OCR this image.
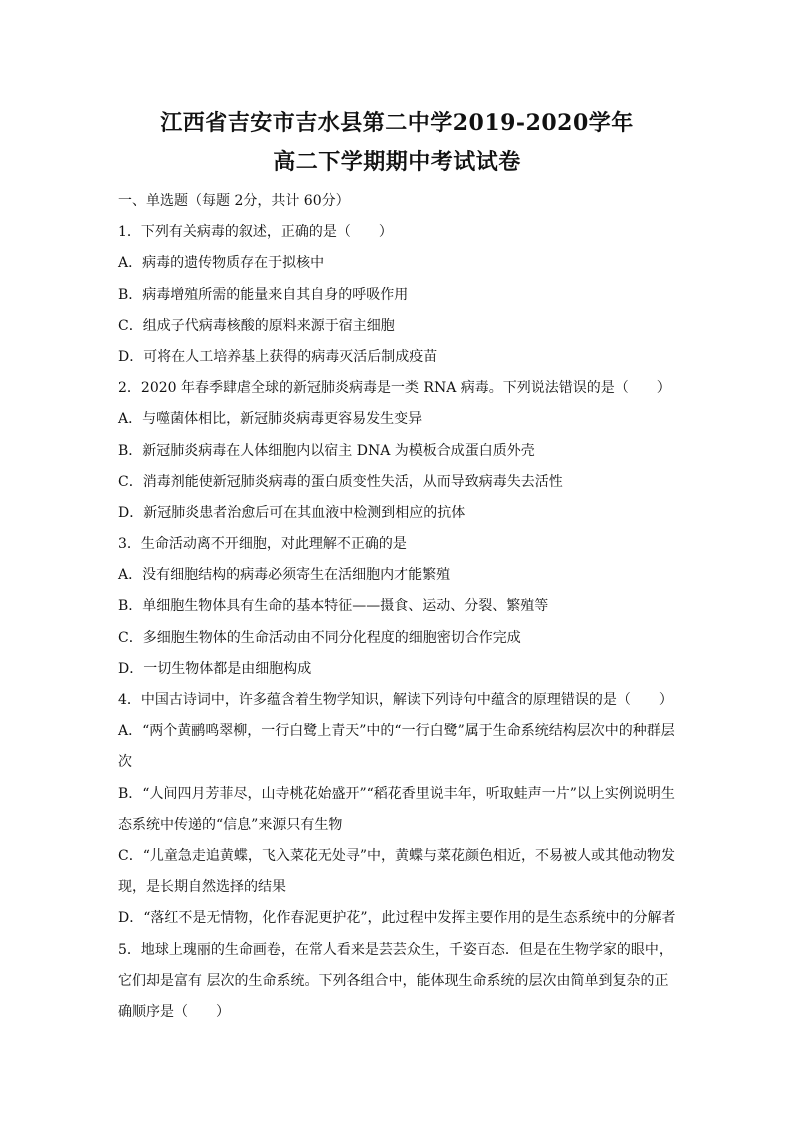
江西省吉安市吉水县第二中学2019-2020学年
高二下学期期中考试试卷
一、单选题（每题 2分，共计 60分）
1．下列有关病毒的叙述，正确的是（　　）
A．病毒的遗传物质存在于拟核中
B．病毒增殖所需的能量来自其自身的呼吸作用
C．组成子代病毒核酸的原料来源于宿主细胞
D．可将在人工培养基上获得的病毒灭活后制成疫苗
2．2020 年春季肆虐全球的新冠肺炎病毒是一类 RNA 病毒。下列说法错误的是（　　）
A．与噬菌体相比，新冠肺炎病毒更容易发生变异
B．新冠肺炎病毒在人体细胞内以宿主 DNA 为模板合成蛋白质外壳
C．消毒剂能使新冠肺炎病毒的蛋白质变性失活，从而导致病毒失去活性
D．新冠肺炎患者治愈后可在其血液中检测到相应的抗体
3．生命活动离不开细胞，对此理解不正确的是
A．没有细胞结构的病毒必须寄生在活细胞内才能繁殖
B．单细胞生物体具有生命的基本特征——摄食、运动、分裂、繁殖等
C．多细胞生物体的生命活动由不同分化程度的细胞密切合作完成
D．一切生物体都是由细胞构成
4．中国古诗词中，许多蕴含着生物学知识，解读下列诗句中蕴含的原理错误的是（　　）
A．“两个黄鹂鸣翠柳，一行白鹭上青天”中的“一行白鹭”属于生命系统结构层次中的种群层
次
B．“人间四月芳菲尽，山寺桃花始盛开”“稻花香里说丰年，听取蛙声一片”以上实例说明生
态系统中传递的“信息”来源只有生物
C．“儿童急走追黄蝶，飞入菜花无处寻”中，黄蝶与菜花颜色相近，不易被人或其他动物发
现，是长期自然选择的结果
D．“落红不是无情物，化作春泥更护花”，此过程中发挥主要作用的是生态系统中的分解者
5．地球上瑰丽的生命画卷，在常人看来是芸芸众生，千姿百态．但是在生物学家的眼中，
它们却是富有 层次的生命系统。下列各组合中，能体现生命系统的层次由简单到复杂的正
确顺序是（　　）
